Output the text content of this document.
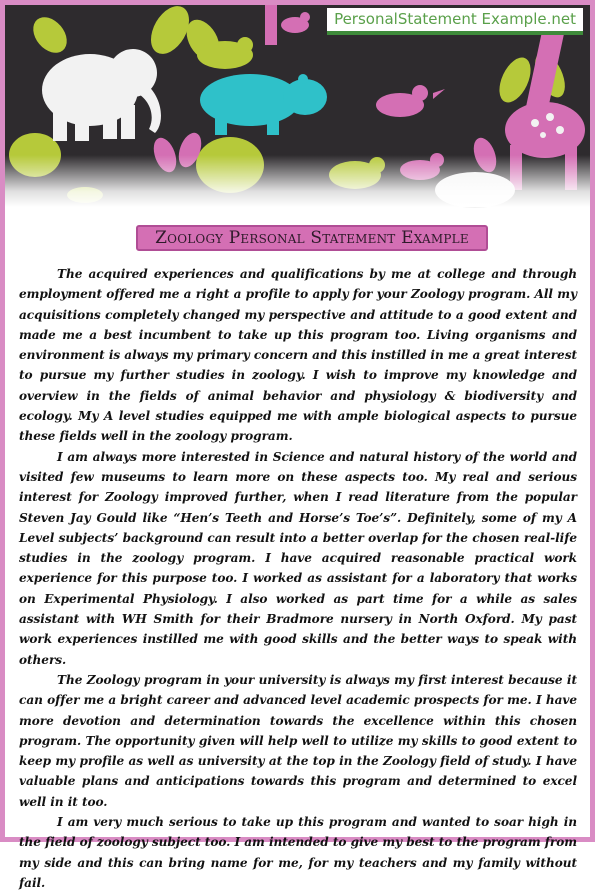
PersonalStatement Example.net
Zoology Personal Statement Example

The acquired experiences and qualifications by me at college and through employment offered me a right a profile to apply for your Zoology program. All my acquisitions completely changed my perspective and attitude to a good extent and made me a best incumbent to take up this program too. Living organisms and environment is always my primary concern and this instilled in me a great interest to pursue my further studies in zoology. I wish to improve my knowledge and overview in the fields of animal behavior and physiology & biodiversity and ecology. My A level studies equipped me with ample biological aspects to pursue these fields well in the zoology program.

I am always more interested in Science and natural history of the world and visited few museums to learn more on these aspects too. My real and serious interest for Zoology improved further, when I read literature from the popular Steven Jay Gould like “Hen’s Teeth and Horse’s Toe’s”. Definitely, some of my A Level subjects’ background can result into a better overlap for the chosen real-life studies in the zoology program. I have acquired reasonable practical work experience for this purpose too. I worked as assistant for a laboratory that works on Experimental Physiology. I also worked as part time for a while as sales assistant with WH Smith for their Bradmore nursery in North Oxford. My past work experiences instilled me with good skills and the better ways to speak with others.

The Zoology program in your university is always my first interest because it can offer me a bright career and advanced level academic prospects for me. I have more devotion and determination towards the excellence within this chosen program. The opportunity given will help well to utilize my skills to good extent to keep my profile as well as university at the top in the Zoology field of study. I have valuable plans and anticipations towards this program and determined to excel well in it too.

I am very much serious to take up this program and wanted to soar high in the field of zoology subject too. I am intended to give my best to the program from my side and this can bring name for me, for my teachers and my family without fail.
